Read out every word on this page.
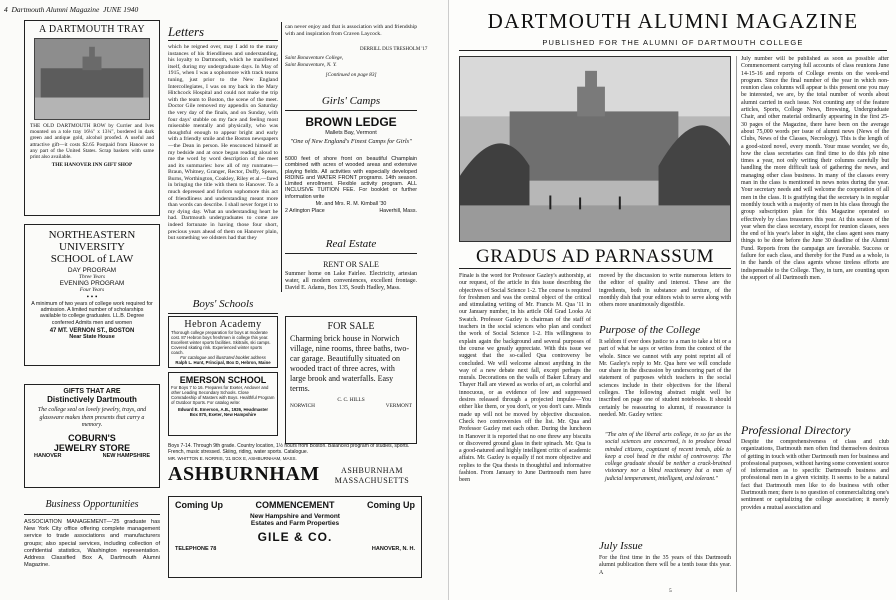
4 Dartmouth Alumni Magazine JUNE 1940
A DARTMOUTH TRAY
THE OLD DARTMOUTH ROW by Currier and Ives mounted on a tole tray 16¼" x 13¼", bordered in dark green and antique gold, alcohol proofed. A useful and attractive gift—it costs $2.65 Postpaid from Hanover to any part of the United States. Scrap baskets with same print also available.
THE HANOVER INN GIFT SHOP
NORTHEASTERN
UNIVERSITY
SCHOOL of LAW
DAY PROGRAM
Three Years
EVENING PROGRAM
Four Years
• • •
A minimum of two years of college work required for admission. A limited number of scholarships available to college graduates. LL.B. Degree conferred Admits men and women
47 MT. VERNON ST., BOSTON
Near State House
GIFTS THAT ARE
Distinctively Dartmouth
The college seal on lovely jewelry, trays, and glassware makes them presents that carry a memory.
COBURN'S
JEWELRY STORE
HANOVER	NEW HAMPSHIRE
Business Opportunities
ASSOCIATION MANAGEMENT—'25 graduate has New York City office offering complete management service to trade associations and manufacturers groups; also special services, including collection of confidential statistics, Washington representation. Address Classified Box A, Dartmouth Alumni Magazine.
Letters
which he reigned over, may I add to the many instances of his friendliness and understanding, his loyalty to Dartmouth, which he manifested itself, during my undergraduate days. In May of 1915, when I was a sophomore with track teams tuning, just prior to the New England Intercollegiates, I was on my back in the Mary Hitchcock Hospital and could not make the trip with the team to Boston, the scene of the meet. Doctor Gile removed my appendix on Saturday the very day of the finals, and on Sunday, with four days' stubble on my face and feeling most miserable mentally and physically, who was thoughtful enough to appear bright and early with a friendly smile and the Boston newspapers—the Dean in person. He ensconced himself at my bedside and at once began reading aloud to me the word by word description of the meet and its summaries: how all of my runmates—Braun, Whitney, Granger, Rector, Duffy, Spears, Burns, Worthington, Coakley, Riley et al.—fared in bringing the title with them to Hanover. To a much depressed and forlorn sophomore this act of friendliness and understanding meant more than words can describe. I shall never forget it to my dying day. What an understanding heart he had. Dartmouth undergraduates to come are indeed fortunate in having those four short, precious years ahead of them on Hanover plain, but something we oldsters had that they
can never enjoy and that is association with and friendship with and inspiration from Craven Laycock.
DERRILL DUS TRESHOLM '17
Saint Bonaventure College,
Saint Bonaventure, N. Y.
[Continued on page 83]
Girls' Camps
BROWN LEDGE
Mallets Bay, Vermont
"One of New England's Finest Camps for Girls"
5000 feet of shore front on beautiful Champlain combined with acres of wooded areas and extensive playing fields. All activities with especially developed RIDING and WATER FRONT programs. 14th season. Limited enrollment. Flexible activity program. ALL INCLUSIVE TUITION FEE. For booklet or further information write
Mr. and Mrs. R. M. Kimball '30
2 Arlington Place	Haverhill, Mass.
Real Estate
RENT OR SALE
Summer home on Lake Fairlee. Electricity, artesian water, all modern conveniences, excellent frontage. David E. Adams, Box 135, South Hadley, Mass.
FOR SALE
Charming brick house in Norwich village, nine rooms, three baths, two-car garage. Beautifully situated on wooded tract of three acres, with large brook and waterfalls. Easy terms.
C. C. HILLS
NORWICH	VERMONT
Boys' Schools
Hebron Academy
Thorough college preparation for boys at moderate cost. 87 Hebron boys freshmen in college this year. Excellent winter sports facilities. Skitrails, ski camps. Covered skating rink. Experienced winter sports coach.
For catalogue and illustrated booklet address
Ralph L. Hunt, Principal, Box D, Hebron, Maine
EMERSON SCHOOL
For Boys 7 to 16. Prepares for Exeter, Andover and other Leading Secondary Schools. Close Comradeship of Masters with Boys. Healthful Program of Outdoor Sports. For catalog write:
Edward E. Emerson, A.B., 1926, Headmaster
Box 870, Exeter, New Hampshire
Boys 7-14. Through 9th grade. Country location, 1½ hours from Boston. Balanced program of studies, sports. French, music stressed. Skiing, riding, water sports. Catalogue.
MR. WHITTON E. NORRIS, '21 BOX E, ASHBURNHAM, MASS.
ASHBURNHAM	ASHBURNHAM
MASSACHUSETTS
Coming Up	COMMENCEMENT	Coming Up
New Hampshire and Vermont
Estates and Farm Properties
GILE & CO.
TELEPHONE 78	HANOVER, N. H.
DARTMOUTH ALUMNI MAGAZINE
PUBLISHED FOR THE ALUMNI OF DARTMOUTH COLLEGE
GRADUS AD PARNASSUM
Finale is the word for Professor Gazley's authorship, at our request, of the article in this issue describing the objectives of Social Science 1-2. The course is required for freshmen and was the central object of the critical and stimulating writing of Mr. Francis M. Qua '11 in our January number, in his article Old Grad Looks At Swatch. Professor Gazley is chairman of the staff of teachers in the social sciences who plan and conduct the work of Social Science 1-2. His willingness to explain again the background and several purposes of the course we greatly appreciate. With this issue we suggest that the so-called Qua controversy be concluded. We will welcome almost anything in the way of a new debate next fall, except perhaps the murals. Decorations on the walls of Baker Library and Thayer Hall are viewed as works of art, as colorful and innocuous, or as evidence of low and suppressed desires released through a projected impulse—You either like them, or you don't, or you don't care. Minds made up will not be moved by objective discussion. Check two controversies off the list. Mr. Qua and Professor Gazley met each other. During the luncheon in Hanover it is reported that no one threw any biscuits or discovered ground glass in their spinach. Mr. Qua is a good-natured and highly intelligent critic of academic affairs. Mr. Gazley is equally if not more objective and replies to the Qua thesis in thoughtful and informative fashion. From January to June Dartmouth men have been
moved by the discussion to write numerous letters to the editor of quality and interest. These are the ingredients, both in substance and texture, of the monthly dish that your editors wish to serve along with others more unanimously digestible.
Purpose of the College
It seldom if ever does justice to a man to take a bit or a part of what he says or writes from the context of the whole. Since we cannot with any point reprint all of Mr. Gazley's reply to Mr. Qua here we will conclude our share in the discussion by underscoring part of the statement of purposes which teachers in the social sciences include in their objectives for the liberal colleges. The following abstract might well be inscribed on page one of student notebooks. It should certainly be reassuring to alumni, if reassurance is needed. Mr. Gazley writes:
"The aim of the liberal arts college, in so far as the social sciences are concerned, is to produce broad minded citizens, cognizant of recent trends, able to keep a cool head in the midst of controversy. The college graduate should be neither a crack-brained visionary nor a blind reactionary but a man of judicial temperament, intelligent, and tolerant."
July Issue
For the first time in the 35 years of this Dartmouth alumni publication there will be a tenth issue this year. A
July number will be published as soon as possible after Commencement carrying full accounts of class reunions June 14-15-16 and reports of College events on the week-end program. Since the final number of the year in which non-reunion class columns will appear is this present one you may be interested, we are, by the total number of words about alumni carried in each issue. Not counting any of the feature articles, Sports, College News, Browsing, Undergraduate Chair, and other material ordinarily appearing in the first 25-30 pages of the Magazine, there have been on the average about 75,000 words per issue of alumni news (News of the Clubs, News of the Classes, Necrology). This is the length of a good-sized novel, every month. Your muse wonder, we do, how the class secretaries can find time to do this job nine times a year, not only writing their columns carefully but handling the more difficult task of gathering the news, and managing other class business. In many of the classes every man in the class is mentioned in news notes during the year. Your secretary needs and will welcome the cooperation of all men in the class. It is gratifying that the secretary is in regular monthly touch with a majority of men in his class through the group subscription plan for this Magazine operated so effectively by class treasurers this year. At this season of the year when the class secretary, except for reunion classes, sees the end of his year's labor in sight, the class agent sees many things to be done before the June 30 deadline of the Alumni Fund. Reports from the campaign are favorable. Success or failure for each class, and thereby for the Fund as a whole, is in the hands of the class agents whose tireless efforts are indispensable to the College. They, in turn, are counting upon the support of all Dartmouth men.
Professional Directory
Despite the comprehensiveness of class and club organizations, Dartmouth men often find themselves desirous of getting in touch with other Dartmouth men for business and professional purposes, without having some convenient source of information as to specific Dartmouth business and professional men in a given vicinity. It seems to be a natural fact that Dartmouth men like to do business with other Dartmouth men; there is no question of commercializing one's sentiment or capitalizing the college association; it merely provides a mutual association and
5
